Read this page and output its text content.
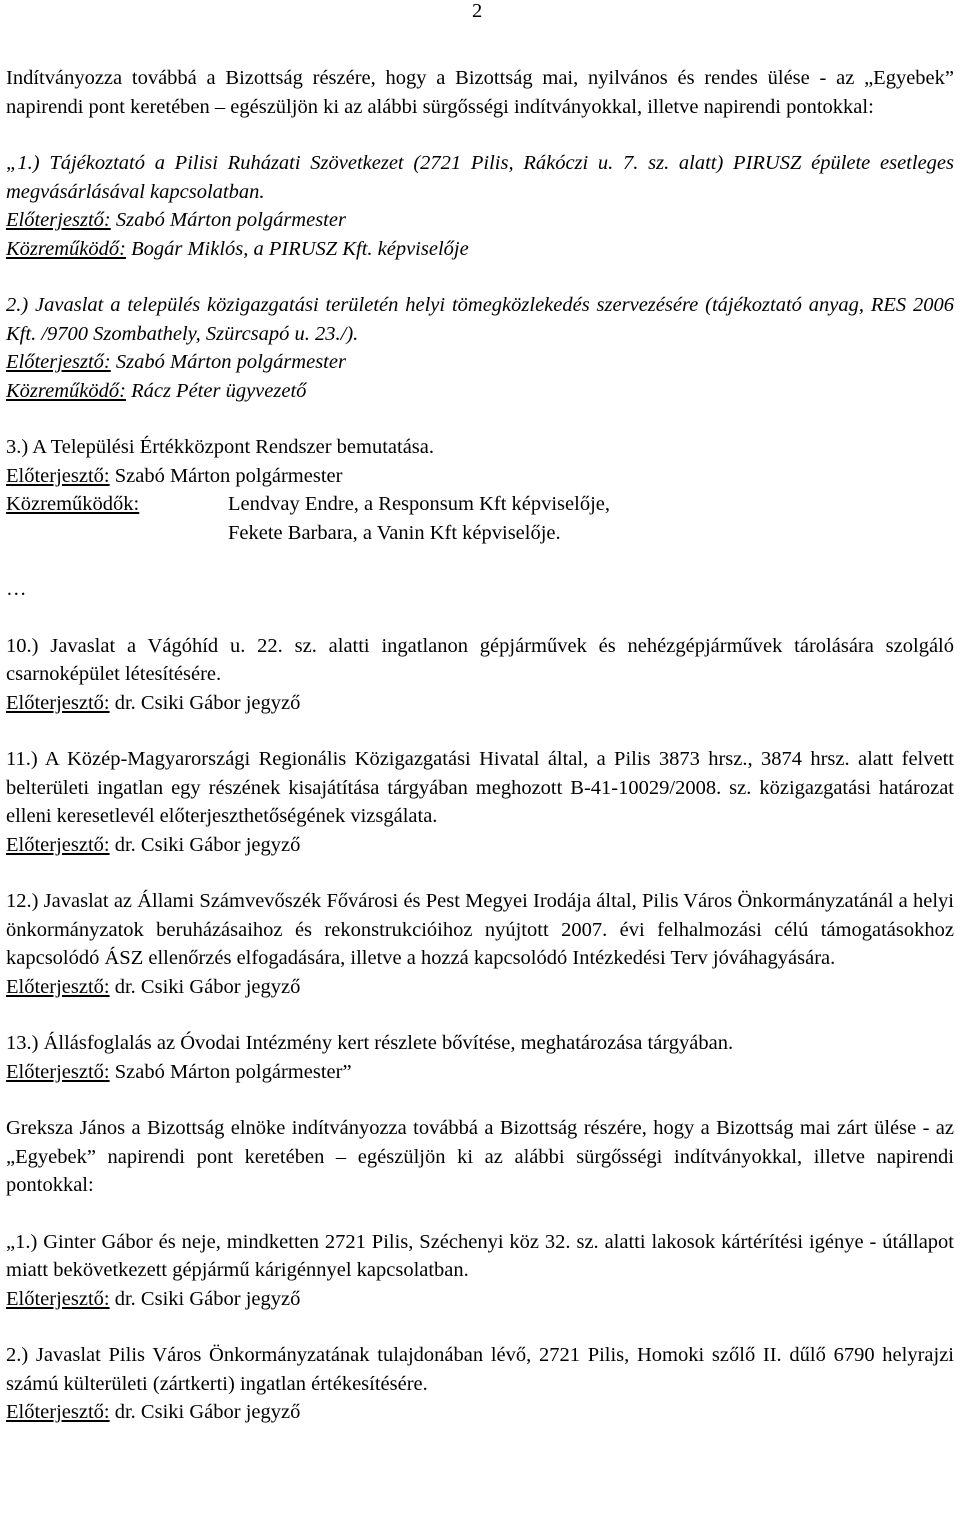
2

Indítványozza továbbá a Bizottság részére, hogy a Bizottság mai, nyilvános és rendes ülése - az „Egyebek” napirendi pont keretében – egészüljön ki az alábbi sürgősségi indítványokkal, illetve napirendi pontokkal:

„1.) Tájékoztató a Pilisi Ruházati Szövetkezet (2721 Pilis, Rákóczi u. 7. sz. alatt) PIRUSZ épülete esetleges megvásárlásával kapcsolatban.

Előterjesztő: Szabó Márton polgármester

Közreműködő: Bogár Miklós, a PIRUSZ Kft. képviselője

2.) Javaslat a település közigazgatási területén helyi tömegközlekedés szervezésére (tájékoztató anyag, RES 2006 Kft. /9700 Szombathely, Szürcsapó u. 23./).

Előterjesztő: Szabó Márton polgármester

Közreműködő: Rácz Péter ügyvezető

3.) A Települési Értékközpont Rendszer bemutatása.

Előterjesztő: Szabó Márton polgármester

Közreműködők:	Lendvay Endre, a Responsum Kft képviselője,

Fekete Barbara, a Vanin Kft képviselője.

…

10.) Javaslat a Vágóhíd u. 22. sz. alatti ingatlanon gépjárművek és nehézgépjárművek tárolására szolgáló csarnoképület létesítésére.

Előterjesztő: dr. Csiki Gábor jegyző

11.) A Közép-Magyarországi Regionális Közigazgatási Hivatal által, a Pilis 3873 hrsz., 3874 hrsz. alatt felvett belterületi ingatlan egy részének kisajátítása tárgyában meghozott B-41-10029/2008. sz. közigazgatási határozat elleni keresetlevél előterjeszthetőségének vizsgálata.

Előterjesztő: dr. Csiki Gábor jegyző

12.) Javaslat az Állami Számvevőszék Fővárosi és Pest Megyei Irodája által, Pilis Város Önkormányzatánál a helyi önkormányzatok beruházásaihoz és rekonstrukcióihoz nyújtott 2007. évi felhalmozási célú támogatásokhoz kapcsolódó ÁSZ ellenőrzés elfogadására, illetve a hozzá kapcsolódó Intézkedési Terv jóváhagyására.

Előterjesztő: dr. Csiki Gábor jegyző

13.) Állásfoglalás az Óvodai Intézmény kert részlete bővítése, meghatározása tárgyában.

Előterjesztő: Szabó Márton polgármester”

Greksza János a Bizottság elnöke indítványozza továbbá a Bizottság részére, hogy a Bizottság mai zárt ülése - az „Egyebek” napirendi pont keretében – egészüljön ki az alábbi sürgősségi indítványokkal, illetve napirendi pontokkal:

„1.) Ginter Gábor és neje, mindketten 2721 Pilis, Széchenyi köz 32. sz. alatti lakosok kártérítési igénye - útállapot miatt bekövetkezett gépjármű kárigénnyel kapcsolatban.

Előterjesztő: dr. Csiki Gábor jegyző

2.) Javaslat Pilis Város Önkormányzatának tulajdonában lévő, 2721 Pilis, Homoki szőlő II. dűlő 6790 helyrajzi számú külterületi (zártkerti) ingatlan értékesítésére.

Előterjesztő: dr. Csiki Gábor jegyző
